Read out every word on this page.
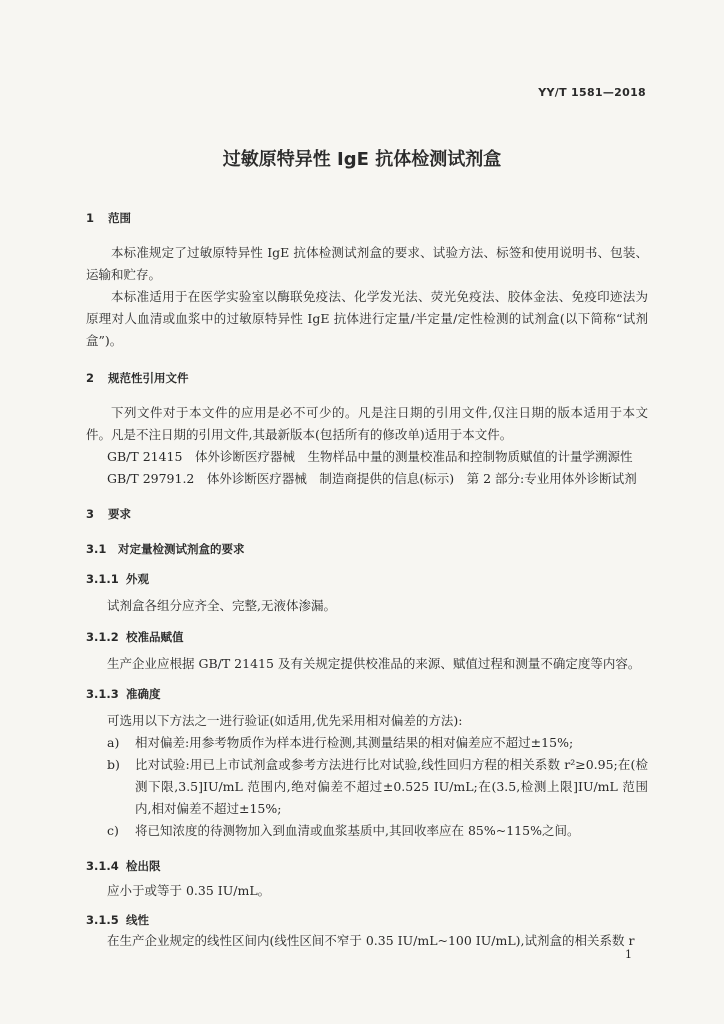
YY/T 1581—2018
过敏原特异性 IgE 抗体检测试剂盒
1 范围
本标准规定了过敏原特异性 IgE 抗体检测试剂盒的要求、试验方法、标签和使用说明书、包装、运输和贮存。
本标准适用于在医学实验室以酶联免疫法、化学发光法、荧光免疫法、胶体金法、免疫印迹法为原理对人血清或血浆中的过敏原特异性 IgE 抗体进行定量/半定量/定性检测的试剂盒(以下简称“试剂盒”)。
2 规范性引用文件
下列文件对于本文件的应用是必不可少的。凡是注日期的引用文件,仅注日期的版本适用于本文件。凡是不注日期的引用文件,其最新版本(包括所有的修改单)适用于本文件。
GB/T 21415　体外诊断医疗器械　生物样品中量的测量校准品和控制物质赋值的计量学溯源性
GB/T 29791.2　体外诊断医疗器械　制造商提供的信息(标示)　第 2 部分:专业用体外诊断试剂
3 要求
3.1 对定量检测试剂盒的要求
3.1.1 外观
试剂盒各组分应齐全、完整,无液体渗漏。
3.1.2 校准品赋值
生产企业应根据 GB/T 21415 及有关规定提供校准品的来源、赋值过程和测量不确定度等内容。
3.1.3 准确度
可选用以下方法之一进行验证(如适用,优先采用相对偏差的方法):
a)	相对偏差:用参考物质作为样本进行检测,其测量结果的相对偏差应不超过±15%;
b)	比对试验:用已上市试剂盒或参考方法进行比对试验,线性回归方程的相关系数 r²≥0.95;在(检测下限,3.5]IU/mL 范围内,绝对偏差不超过±0.525 IU/mL;在(3.5,检测上限]IU/mL 范围内,相对偏差不超过±15%;
c)	将已知浓度的待测物加入到血清或血浆基质中,其回收率应在 85%~115%之间。
3.1.4 检出限
应小于或等于 0.35 IU/mL。
3.1.5 线性
在生产企业规定的线性区间内(线性区间不窄于 0.35 IU/mL~100 IU/mL),试剂盒的相关系数 r
1
